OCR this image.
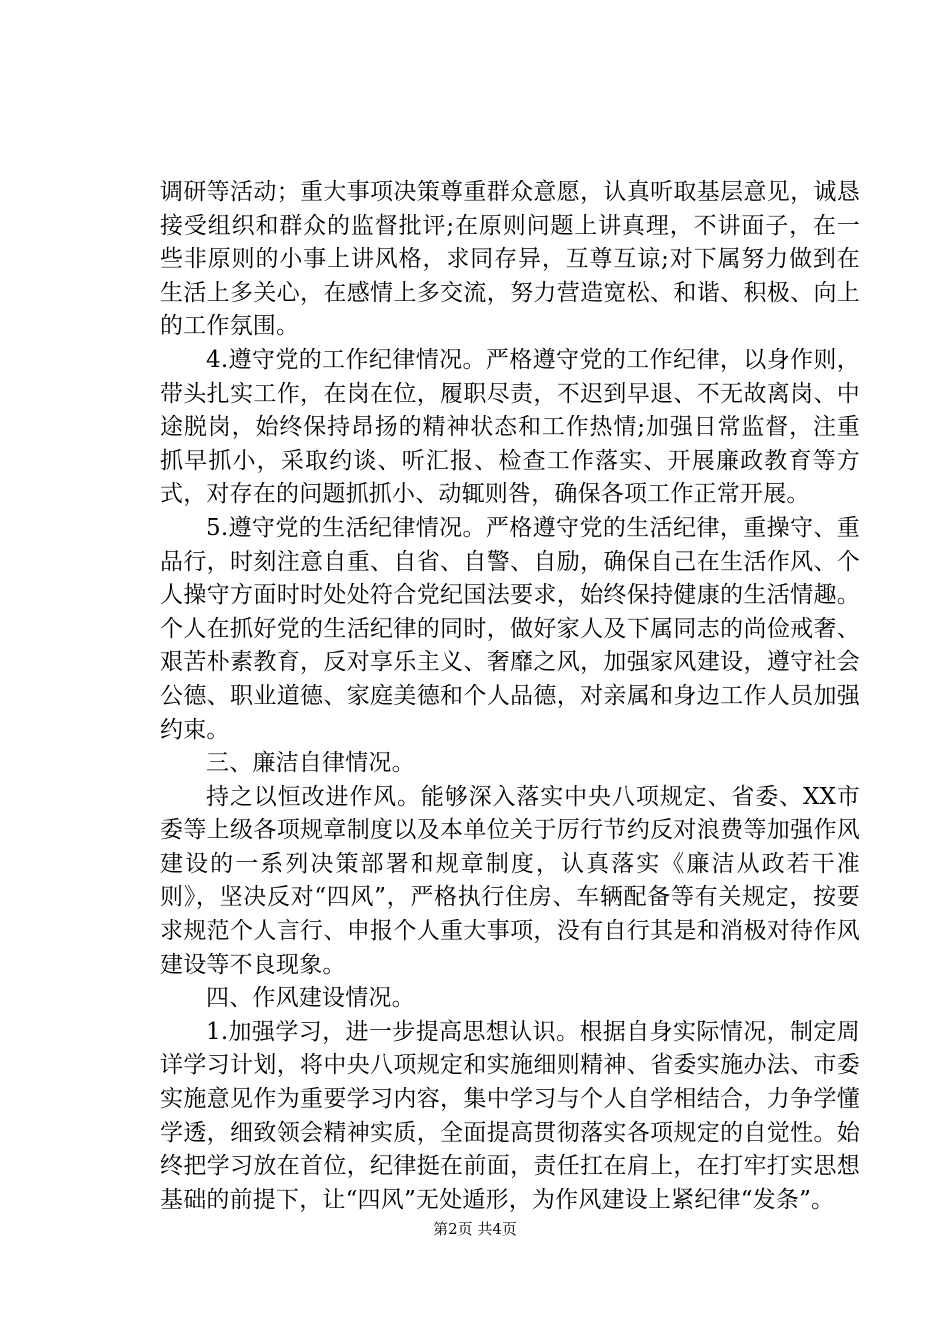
调研等活动；重大事项决策尊重群众意愿，认真听取基层意见，诚恳接受组织和群众的监督批评;在原则问题上讲真理，不讲面子，在一些非原则的小事上讲风格，求同存异，互尊互谅;对下属努力做到在生活上多关心，在感情上多交流，努力营造宽松、和谐、积极、向上的工作氛围。

4.遵守党的工作纪律情况。严格遵守党的工作纪律，以身作则，带头扎实工作，在岗在位，履职尽责，不迟到早退、不无故离岗、中途脱岗，始终保持昂扬的精神状态和工作热情;加强日常监督，注重抓早抓小，采取约谈、听汇报、检查工作落实、开展廉政教育等方式，对存在的问题抓抓小、动辄则咎，确保各项工作正常开展。

5.遵守党的生活纪律情况。严格遵守党的生活纪律，重操守、重品行，时刻注意自重、自省、自警、自励，确保自己在生活作风、个人操守方面时时处处符合党纪国法要求，始终保持健康的生活情趣。个人在抓好党的生活纪律的同时，做好家人及下属同志的尚俭戒奢、艰苦朴素教育，反对享乐主义、奢靡之风，加强家风建设，遵守社会公德、职业道德、家庭美德和个人品德，对亲属和身边工作人员加强约束。

三、廉洁自律情况。

持之以恒改进作风。能够深入落实中央八项规定、省委、XX市委等上级各项规章制度以及本单位关于厉行节约反对浪费等加强作风建设的一系列决策部署和规章制度，认真落实《廉洁从政若干准则》，坚决反对“四风”，严格执行住房、车辆配备等有关规定，按要求规范个人言行、申报个人重大事项，没有自行其是和消极对待作风建设等不良现象。

四、作风建设情况。

1.加强学习，进一步提高思想认识。根据自身实际情况，制定周详学习计划，将中央八项规定和实施细则精神、省委实施办法、市委实施意见作为重要学习内容，集中学习与个人自学相结合，力争学懂学透，细致领会精神实质，全面提高贯彻落实各项规定的自觉性。始终把学习放在首位，纪律挺在前面，责任扛在肩上，在打牢打实思想基础的前提下，让“四风”无处遁形，为作风建设上紧纪律“发条”。

第2页 共4页
